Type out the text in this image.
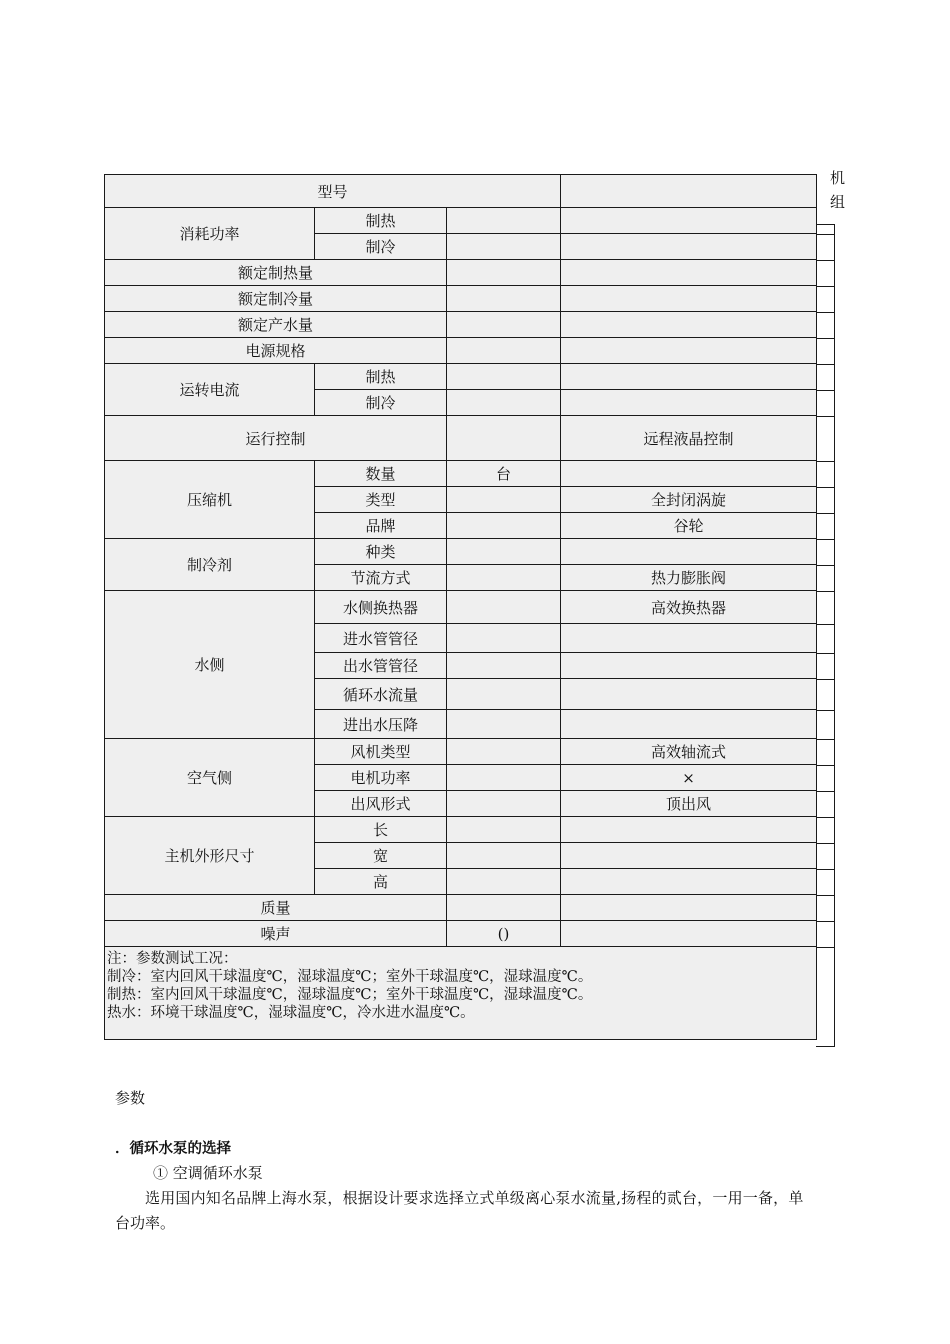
机
组
型号			
消耗功率	制热		
	制冷		
额定制热量			
额定制冷量			
额定产水量			
电源规格			
运转电流	制热		
	制冷		
运行控制			远程液晶控制
压缩机	数量	台	
	类型		全封闭涡旋
	品牌		谷轮
制冷剂	种类		
	节流方式		热力膨胀阀
水侧	水侧换热器		高效换热器
	进水管管径		
	出水管管径		
	循环水流量		
	进出水压降		
空气侧	风机类型		高效轴流式
	电机功率		×
	出风形式		顶出风
主机外形尺寸	长		
	宽		
	高		
质量			
噪声		()	

注：参数测试工况：
制冷：室内回风干球温度℃，湿球温度℃；室外干球温度℃，湿球温度℃。
制热：室内回风干球温度℃，湿球温度℃；室外干球温度℃，湿球温度℃。
热水：环境干球温度℃，湿球温度℃，冷水进水温度℃。			
参数
．循环水泵的选择
① 空调循环水泵
选用国内知名品牌上海水泵，根据设计要求选择立式单级离心泵水流量,扬程的贰台，一用一备，单
台功率。
